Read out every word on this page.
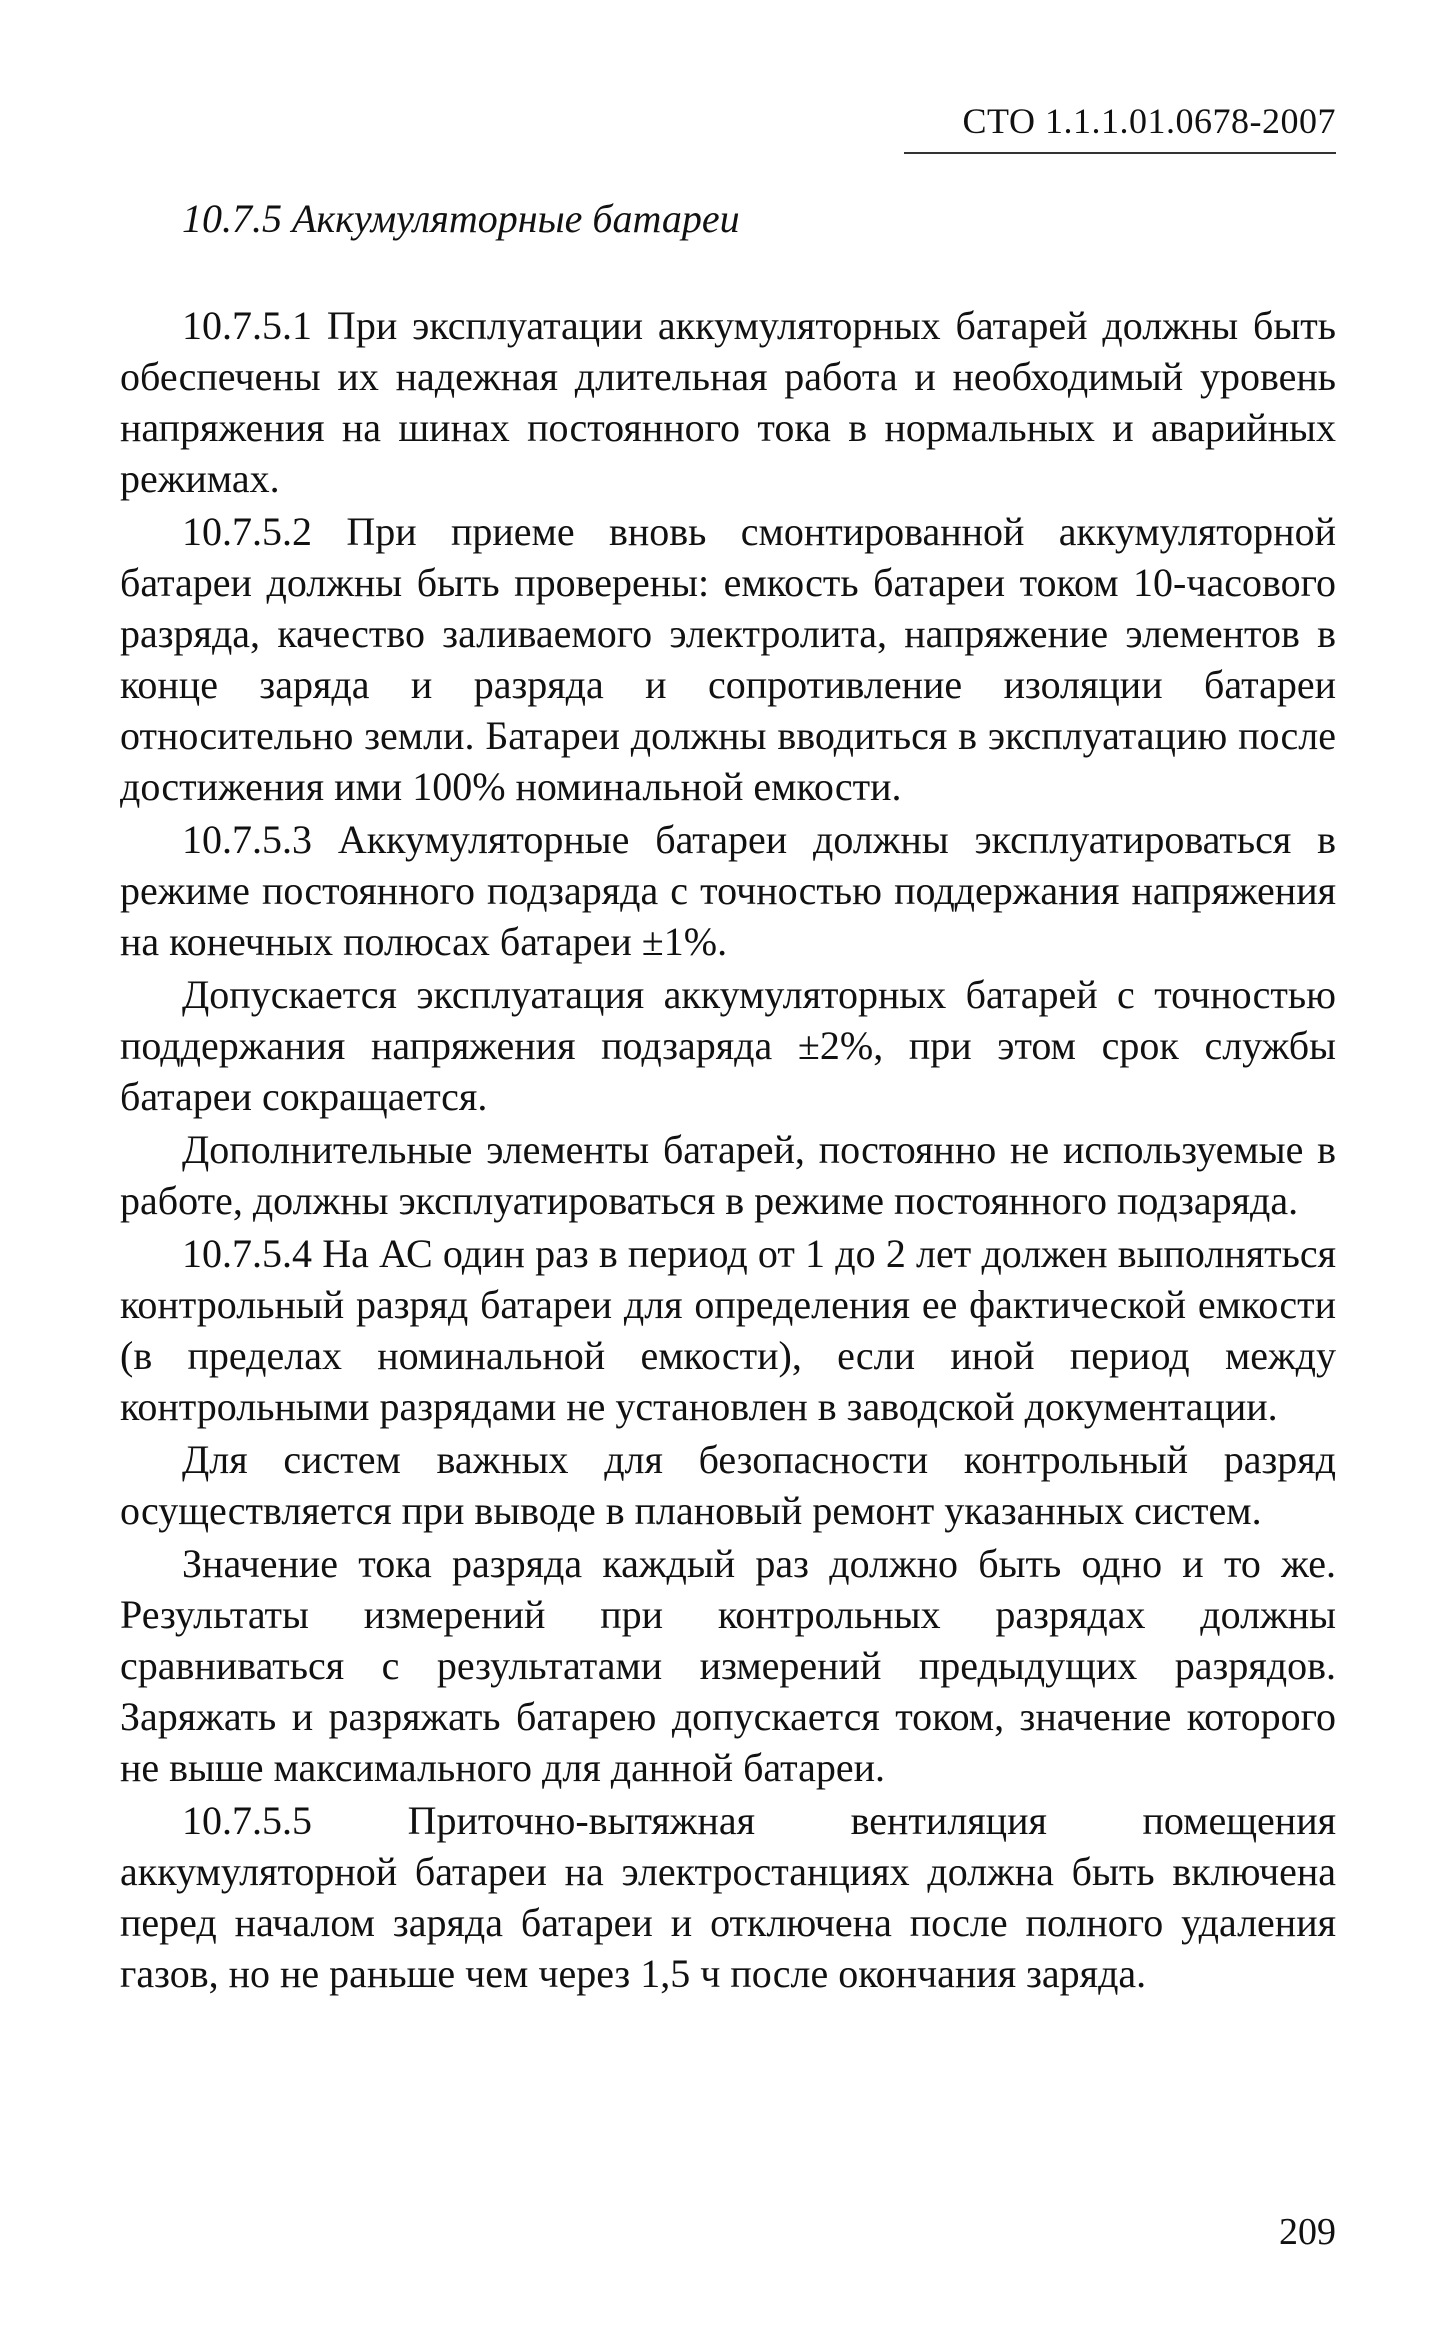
СТО 1.1.1.01.0678-2007
10.7.5 Аккумуляторные батареи

10.7.5.1 При эксплуатации аккумуляторных батарей должны быть обеспечены их надежная длительная работа и необходимый уровень напряжения на шинах постоянного тока в нормальных и аварийных режимах.

10.7.5.2 При приеме вновь смонтированной аккумуляторной батареи должны быть проверены: емкость батареи током 10-часового разряда, качество заливаемого электролита, напряжение элементов в конце заряда и разряда и сопротивление изоляции батареи относительно земли. Батареи должны вводиться в эксплуатацию после достижения ими 100% номинальной емкости.

10.7.5.3 Аккумуляторные батареи должны эксплуатироваться в режиме постоянного подзаряда с точностью поддержания напряжения на конечных полюсах батареи ±1%.

Допускается эксплуатация аккумуляторных батарей с точностью поддержания напряжения подзаряда ±2%, при этом срок службы батареи сокращается.

Дополнительные элементы батарей, постоянно не используемые в работе, должны эксплуатироваться в режиме постоянного подзаряда.

10.7.5.4 На АС один раз в период от 1 до 2 лет должен выполняться контрольный разряд батареи для определения ее фактической емкости (в пределах номинальной емкости), если иной период между контрольными разрядами не установлен в заводской документации.

Для систем важных для безопасности контрольный разряд осуществляется при выводе в плановый ремонт указанных систем.

Значение тока разряда каждый раз должно быть одно и то же. Результаты измерений при контрольных разрядах должны сравниваться с результатами измерений предыдущих разрядов. Заряжать и разряжать батарею допускается током, значение которого не выше максимального для данной батареи.

10.7.5.5 Приточно-вытяжная вентиляция помещения аккумуляторной батареи на электростанциях должна быть включена перед началом заряда батареи и отключена после полного удаления газов, но не раньше чем через 1,5 ч после окончания заряда.

209
